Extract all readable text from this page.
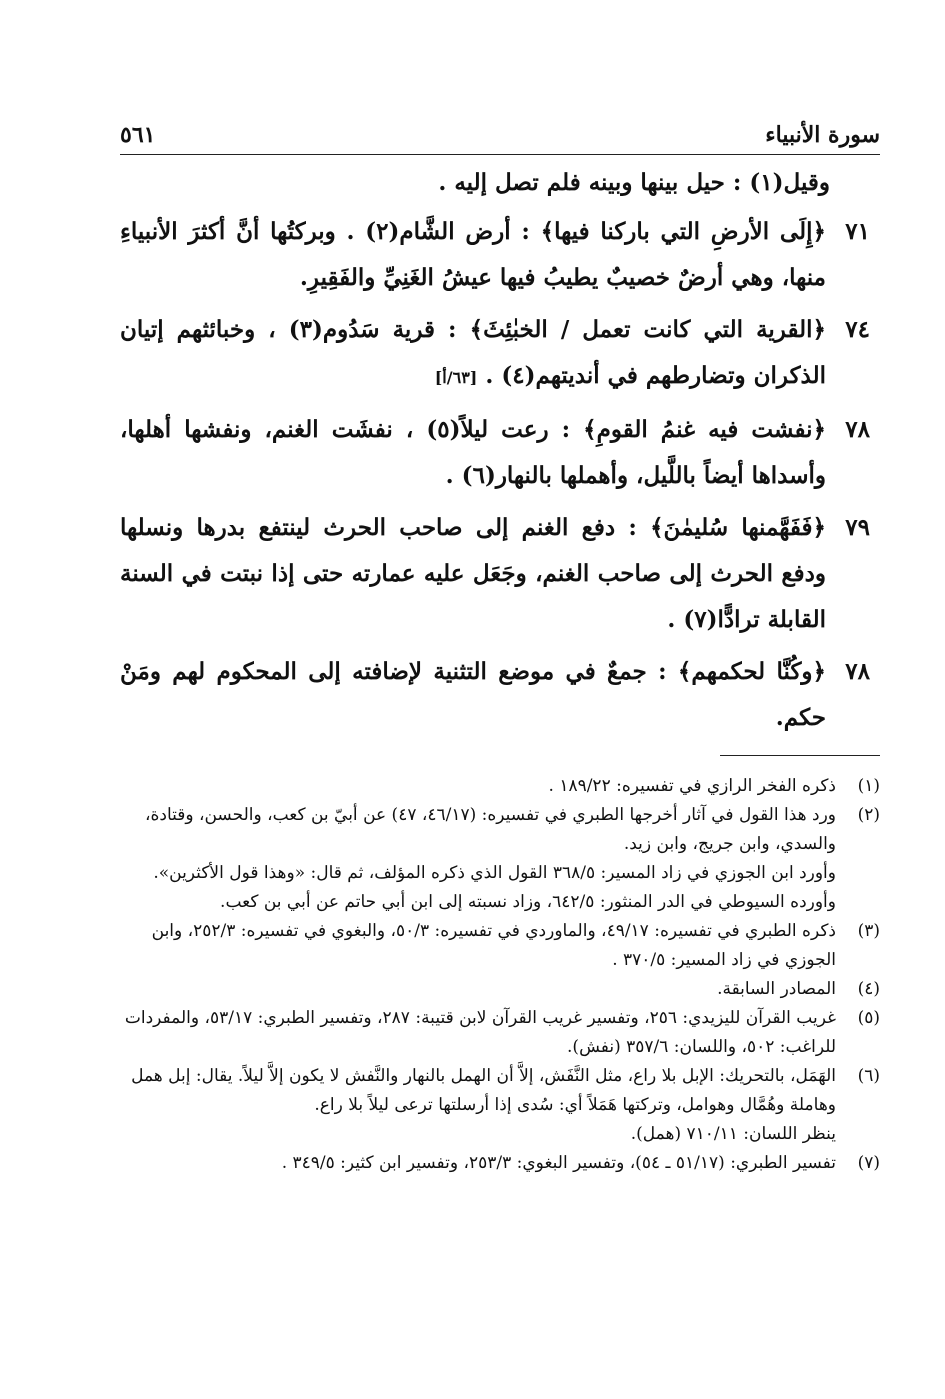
سورة الأنبياء
٥٦١
وقيل(١) : حيل بينها وبينه فلم تصل إليه .
٧١
﴿إِلَى الأرضِ التي باركنا فيها﴾ : أرض الشَّام(٢) . وبركتُها أنَّ أكثرَ الأنبياءِ منها، وهي أرضٌ خصيبٌ يطيبُ فيها عيشُ الغَنِيِّ والفَقِيرِ.
٧٤
﴿القرية التي كانت تعمل / الخبٰئِثَ﴾ : قرية سَدُوم(٣) ، وخبائثهم إتيان الذكران وتضارطهم في أنديتهم(٤) . [٦٣/أ]
٧٨
﴿نفشت فيه غنمُ القومِ﴾ : رعت ليلاً(٥) ، نفشَت الغنم، ونفشها أهلها، وأسداها أيضاً باللَّيل، وأهملها بالنهار(٦) .
٧٩
﴿فَفَهَّمنها سُليمٰنَ﴾ : دفع الغنم إلى صاحب الحرث لينتفع بدرها ونسلها ودفع الحرث إلى صاحب الغنم، وجَعَل عليه عمارته حتى إذا نبتت في السنة القابلة ترادًّا(٧) .
٧٨
﴿وكُنَّا لحكمهم﴾ : جمعٌ في موضع التثنية لإضافته إلى المحكوم لهم ومَنْ حكم.
(١)

ذكره الفخر الرازي في تفسيره: ١٨٩/٢٢ .

(٢)

ورد هذا القول في آثار أخرجها الطبري في تفسيره: (٤٦/١٧، ٤٧) عن أبيّ بن كعب، والحسن، وقتادة، والسدي، وابن جريج، وابن زيد.

وأورد ابن الجوزي في زاد المسير: ٣٦٨/٥ القول الذي ذكره المؤلف، ثم قال: «وهذا قول الأكثرين».

وأورده السيوطي في الدر المنثور: ٦٤٢/٥، وزاد نسبته إلى ابن أبي حاتم عن أبي بن كعب.

(٣)

ذكره الطبري في تفسيره: ٤٩/١٧، والماوردي في تفسيره: ٥٠/٣، والبغوي في تفسيره: ٢٥٢/٣، وابن الجوزي في زاد المسير: ٣٧٠/٥ .

(٤)

المصادر السابقة.

(٥)

غريب القرآن لليزيدي: ٢٥٦، وتفسير غريب القرآن لابن قتيبة: ٢٨٧، وتفسير الطبري: ٥٣/١٧، والمفردات للراغب: ٥٠٢، واللسان: ٣٥٧/٦ (نفش).

(٦)

الهَمَل، بالتحريك: الإبل بلا راع، مثل النَّفَش، إلاَّ أن الهمل بالنهار والنَّفش لا يكون إلاَّ ليلاً. يقال: إبل همل وهاملة وهُمَّال وهوامل، وتركتها هَمَلاً أي: سُدى إذا أرسلتها ترعى ليلاً بلا راع.

ينظر اللسان: ٧١٠/١١ (همل).

(٧)

تفسير الطبري: (٥١/١٧ ـ ٥٤)، وتفسير البغوي: ٢٥٣/٣، وتفسير ابن كثير: ٣٤٩/٥ .
